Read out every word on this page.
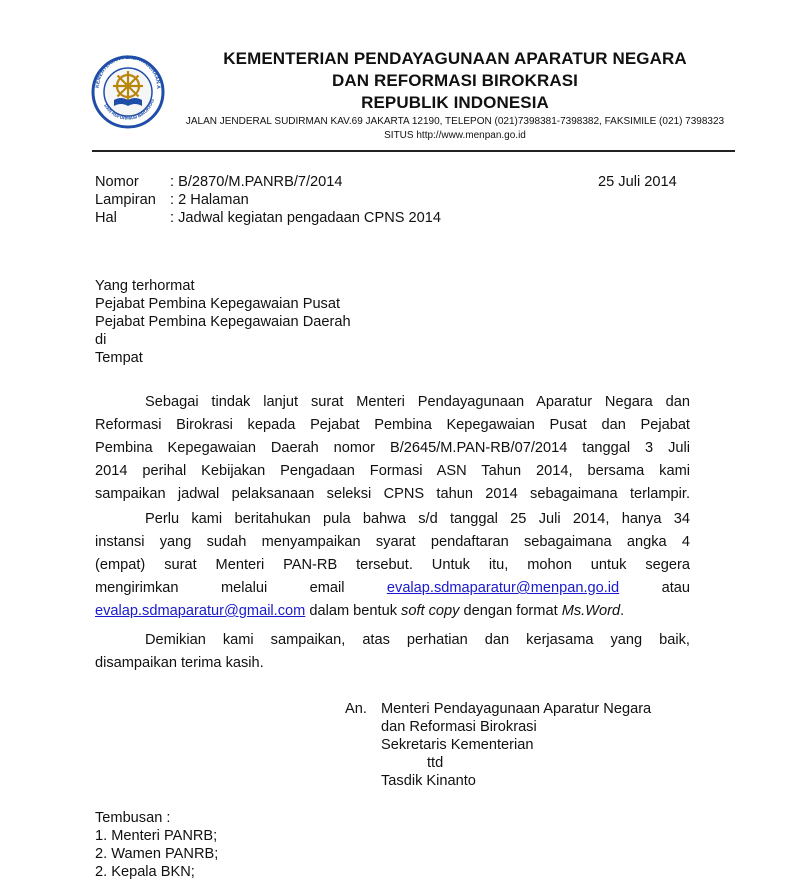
KEMENTERIAN PENDAYAGUNAAN A
DAN REFORMASI BIROKRAS
KEMENTERIAN PENDAYAGUNAAN APARATUR NEGARA
DAN REFORMASI BIROKRASI
REPUBLIK INDONESIA
JALAN JENDERAL SUDIRMAN KAV.69 JAKARTA 12190, TELEPON (021)7398381-7398382, FAKSIMILE (021) 7398323
SITUS http://www.menpan.go.id
Nomor : B/2870/M.PANRB/7/2014	25 Juli 2014
Lampiran : 2 Halaman
Hal	: Jadwal kegiatan pengadaan CPNS 2014
Yang terhormat
Pejabat Pembina Kepegawaian Pusat
Pejabat Pembina Kepegawaian Daerah
di
Tempat
Sebagai tindak lanjut surat Menteri Pendayagunaan Aparatur Negara dan
Reformasi Birokrasi kepada Pejabat Pembina Kepegawaian Pusat dan Pejabat
Pembina Kepegawaian Daerah nomor B/2645/M.PAN-RB/07/2014 tanggal 3 Juli
2014 perihal Kebijakan Pengadaan Formasi ASN Tahun 2014, bersama kami
sampaikan jadwal pelaksanaan seleksi CPNS tahun 2014 sebagaimana terlampir.
Perlu kami beritahukan pula bahwa s/d tanggal 25 Juli 2014, hanya 34
instansi yang sudah menyampaikan syarat pendaftaran sebagaimana angka 4
(empat) surat Menteri PAN-RB tersebut. Untuk itu, mohon untuk segera
mengirimkan melalui email	evalap.sdmaparatur@menpan.go.id	atau
evalap.sdmaparatur@gmail.com dalam bentuk soft copy dengan format Ms.Word.
Demikian kami sampaikan, atas perhatian dan kerjasama yang baik,
disampaikan terima kasih.
An. Menteri Pendayagunaan Aparatur Negara
dan Reformasi Birokrasi
Sekretaris Kementerian
ttd
Tasdik Kinanto
Tembusan :
1. Menteri PANRB;
2. Wamen PANRB;
2. Kepala BKN;
